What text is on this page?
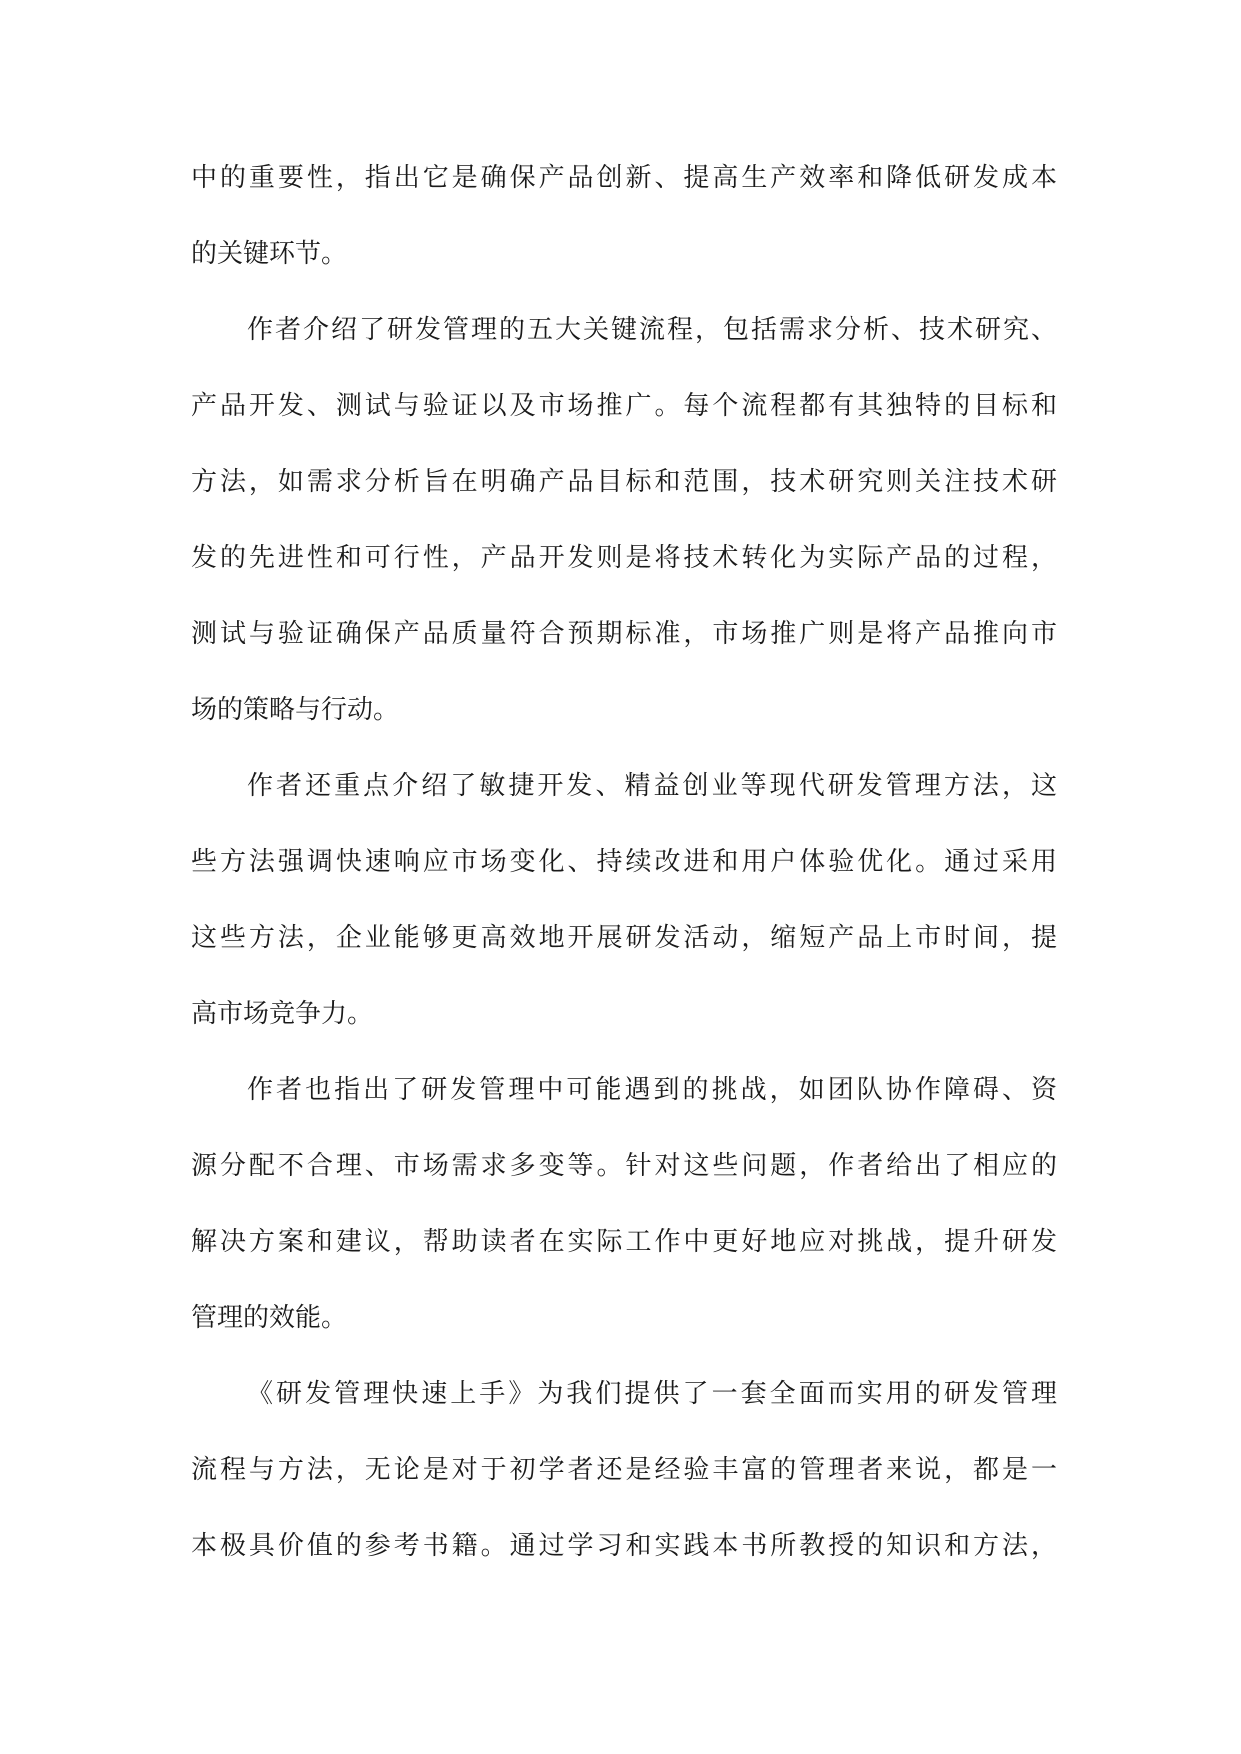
中的重要性，指出它是确保产品创新、提高生产效率和降低研发成本
的关键环节。
作者介绍了研发管理的五大关键流程，包括需求分析、技术研究、
产品开发、测试与验证以及市场推广。每个流程都有其独特的目标和
方法，如需求分析旨在明确产品目标和范围，技术研究则关注技术研
发的先进性和可行性，产品开发则是将技术转化为实际产品的过程，
测试与验证确保产品质量符合预期标准，市场推广则是将产品推向市
场的策略与行动。
作者还重点介绍了敏捷开发、精益创业等现代研发管理方法，这
些方法强调快速响应市场变化、持续改进和用户体验优化。通过采用
这些方法，企业能够更高效地开展研发活动，缩短产品上市时间，提
高市场竞争力。
作者也指出了研发管理中可能遇到的挑战，如团队协作障碍、资
源分配不合理、市场需求多变等。针对这些问题，作者给出了相应的
解决方案和建议，帮助读者在实际工作中更好地应对挑战，提升研发
管理的效能。
《研发管理快速上手》为我们提供了一套全面而实用的研发管理
流程与方法，无论是对于初学者还是经验丰富的管理者来说，都是一
本极具价值的参考书籍。通过学习和实践本书所教授的知识和方法，
